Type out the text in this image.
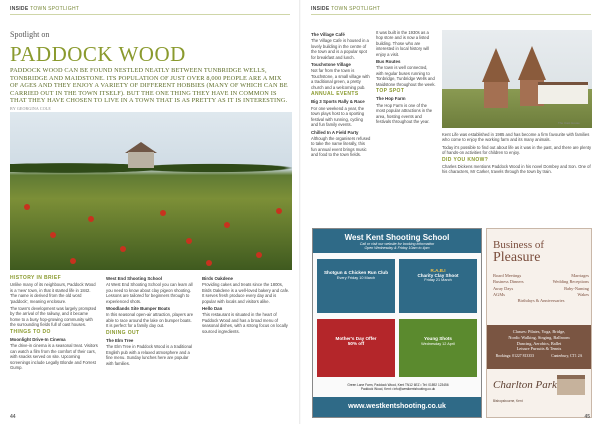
INSIDE TOWN SPOTLIGHT	INSIDE TOWN SPOTLIGHT
Spotlight on
PADDOCK WOOD
PADDOCK WOOD CAN BE FOUND NESTLED NEATLY BETWEEN TUNBRIDGE WELLS, TONBRIDGE AND MAIDSTONE. ITS POPULATION OF JUST OVER 8,000 PEOPLE ARE A MIX OF AGES AND THEY ENJOY A VARIETY OF DIFFERENT HOBBIES (MANY OF WHICH CAN BE CARRIED OUT IN THE TOWN ITSELF). BUT THE ONE THING THEY HAVE IN COMMON IS THAT THEY HAVE CHOSEN TO LIVE IN A TOWN THAT IS AS PRETTY AS IT IS INTERESTING. BY GEORGINA COLE
HISTORY IN BRIEF

Unlike many of its neighbours, Paddock Wood is a 'new' town, in that it started life in 1842. The name is derived from the old word 'paddock', meaning enclosure.

The town's development was largely prompted by the arrival of the railway, and it became home to a busy hop-growing community with the surrounding fields full of oast houses.

THINGS TO DO
Moonlight Drive-In Cinema

The drive-in cinema is a seasonal treat. Visitors can watch a film from the comfort of their cars, with snacks served on site. Upcoming screenings include Legally Blonde and Forrest Gump.

West End Shooting School

At West End Shooting School you can learn all you need to know about clay pigeon shooting. Lessons are tailored for beginners through to experienced shots.

Woodlands Site Bumper Boats

In this seasonal open-air attraction, players are able to race around the lake on bumper boats. It is perfect for a family day out.

DINING OUT
The Elm Tree

The Elm Tree in Paddock Wood is a traditional English pub with a relaxed atmosphere and a fine menu. Sunday lunches here are popular with families.

Birds Oakdene

Providing cakes and treats since the 1800s, Birds Oakdene is a well-loved bakery and cafe. It serves fresh produce every day and is popular with locals and visitors alike.

Hello Dan

This restaurant is situated in the heart of Paddock Wood and has a broad menu of seasonal dishes, with a strong focus on locally sourced ingredients.

The Village Café

The Village Cafe is housed in a lovely building in the centre of the town and is a popular spot for breakfast and lunch.

Touchstone Village

Not far from the town is Touchstone, a small village with a traditional green, a pretty church and a welcoming pub.

ANNUAL EVENTS
Big 3 Sports Rally & Race

For one weekend a year, the town plays host to a sporting festival with running, cycling and fun family events.

Chilled In A Field Party

Although the organisers refused to take the name literally, this fun annual event brings music and food to the town fields.

It was built in the 1930s as a hop store and is now a listed building. Those who are interested in local history will enjoy a visit.

Bus Routes

The town is well connected, with regular buses running to Tonbridge, Tunbridge Wells and Maidstone throughout the week.

TOP SPOT
The Hop Farm

The Hop Farm is one of the most popular attractions in the area, hosting events and festivals throughout the year.	The Oast House

Kent Life was established in 1985 and has become a firm favourite with families who come to enjoy the working farm and its many animals.

Today it's possible to find out about life as it was in the past, and there are plenty of hands-on activities for children to enjoy.

DID YOU KNOW?

Charles Dickens mentions Paddock Wood in his novel Dombey and Son. One of his characters, Mr Carker, travels through the town by train.

West Kent Shooting School
Call or visit our website for booking information
Open Wednesday & Friday 10am to 4pm
Shotgun & Chicken Run Club
Every Friday 10 March
R.A.B.I
Charity Clay Shoot
Friday 21 March
Mother's Day Offer
50% off
Young Shots
Wednesday 12 April
Green Lane Farm, Paddock Wood, Kent TN12 6EZ • Tel: 01892 123456
Paddock Wood, Kent • info@westkentshooting.co.uk
www.westkentshooting.co.uk
Business of
Pleasure
Board Meetings	Marriages
Business Dinners	Wedding Receptions
Away Days	Baby-Naming
AGMs	Wakes
Birthdays & Anniversaries
Classes: Pilates, Yoga, Bridge,
Nordic Walking, Singing, Ballroom
Dancing, Aerobics, Ballet
Leisure Pursuits & Tennis
Bookings: 01227 813353	Canterbury, CT1 2A
Charlton Park
Bishopsbourne, Kent
44	45
